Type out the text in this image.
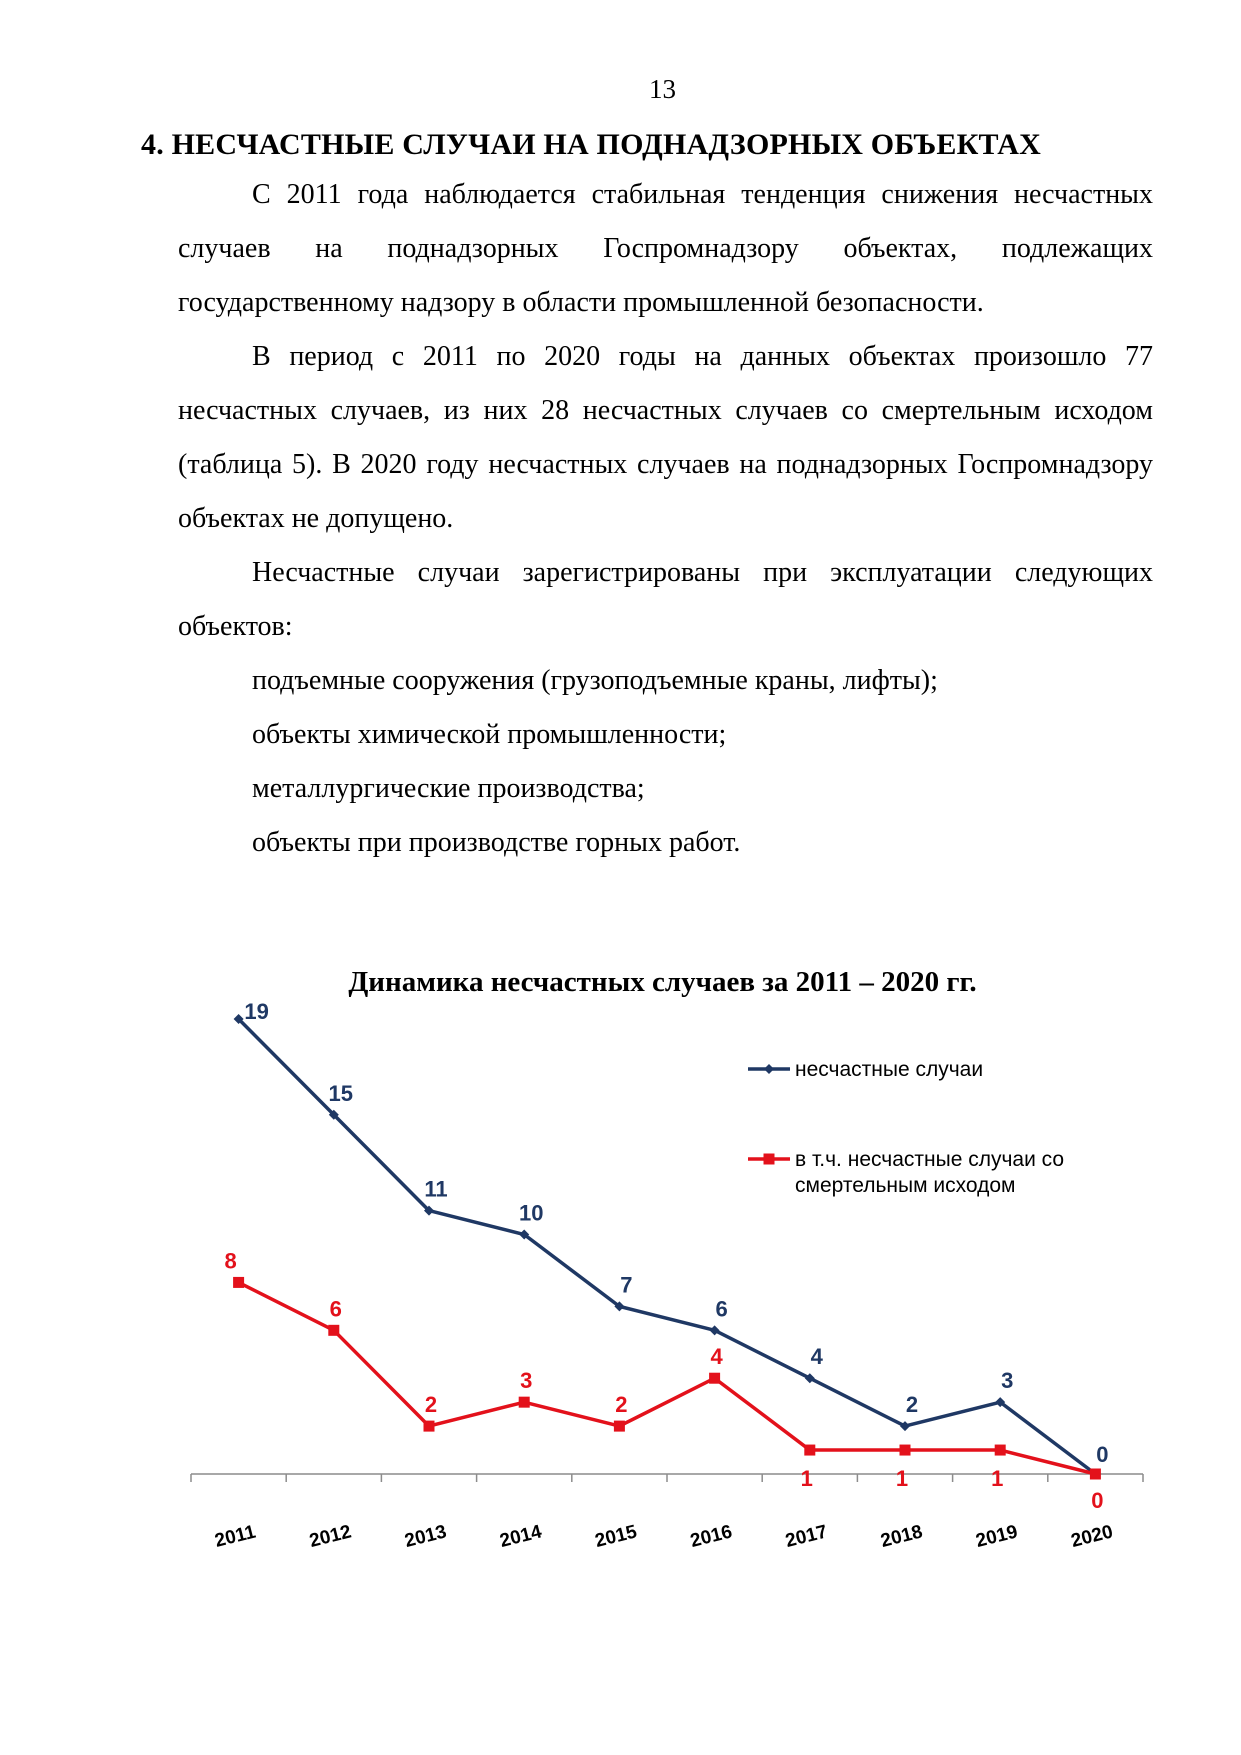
13
4. НЕСЧАСТНЫЕ СЛУЧАИ НА ПОДНАДЗОРНЫХ ОБЪЕКТАХ

С 2011 года наблюдается стабильная тенденция снижения несчастных случаев на поднадзорных Госпромнадзору объектах, подлежащих государственному надзору в области промышленной безопасности.

В период с 2011 по 2020 годы на данных объектах произошло 77 несчастных случаев, из них 28 несчастных случаев со смертельным исходом (таблица 5). В 2020 году несчастных случаев на поднадзорных Госпромнадзору объектах не допущено.

Несчастные случаи зарегистрированы при эксплуатации следующих объектов:

подъемные сооружения (грузоподъемные краны, лифты);
объекты химической промышленности;
металлургические производства;
объекты при производстве горных работ.
Динамика несчастных случаев за 2011 – 2020 гг.
2011	2012	2013	2014	2015	2016	2017	2018	2019	2020
19
15
11
10
7
6
4
2
3
0
8
6
2
3
2
4
1	1	1
0
несчастные случаи
в т.ч. несчастные случаи со смертельным исходом
